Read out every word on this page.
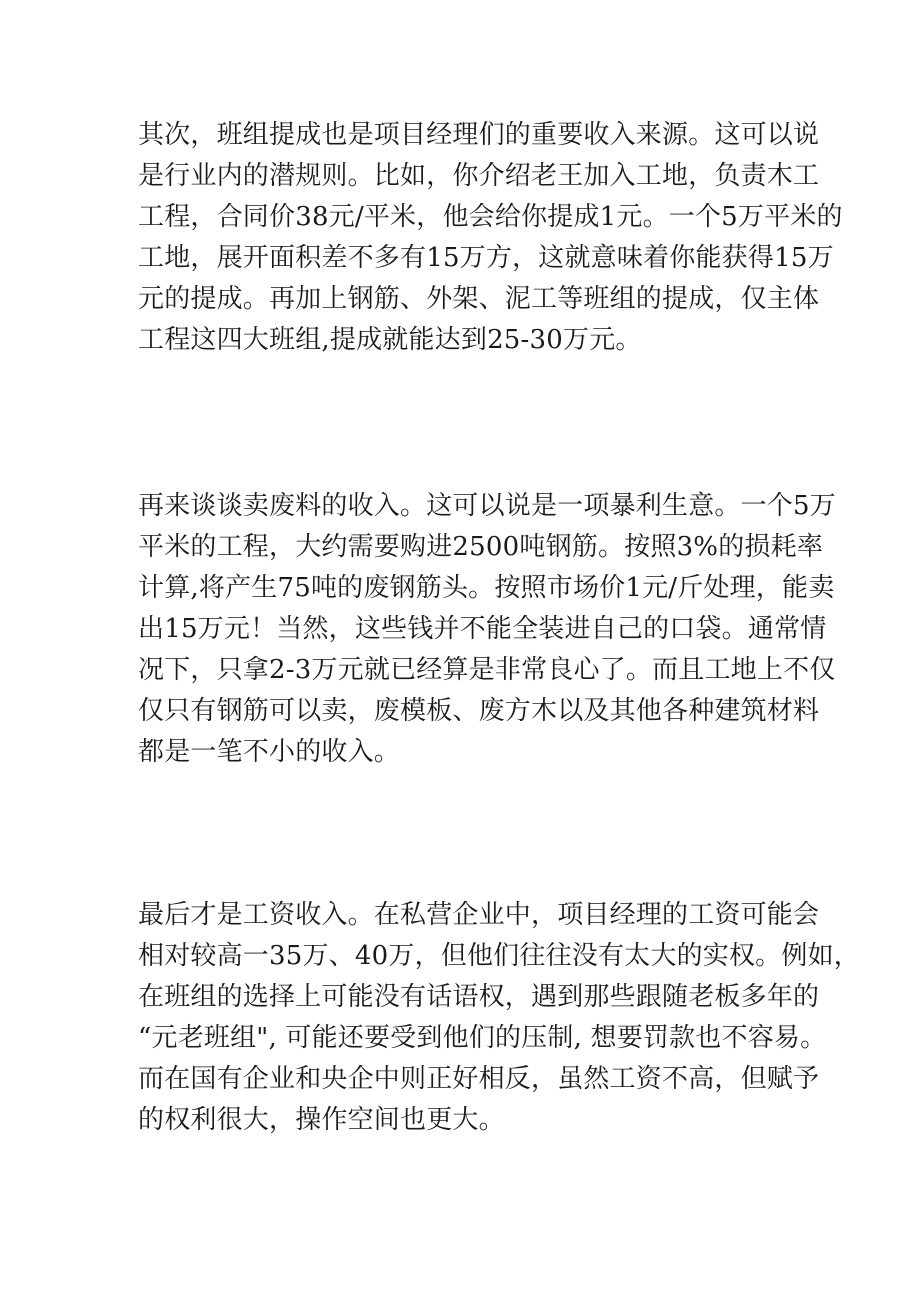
其次，班组提成也是项目经理们的重要收入来源。这可以说
是行业内的潜规则。比如，你介绍老王加入工地，负责木工
工程，合同价38元/平米，他会给你提成1元。一个5万平米的
工地，展开面积差不多有15万方，这就意味着你能获得15万
元的提成。再加上钢筋、外架、泥工等班组的提成，仅主体
工程这四大班组,提成就能达到25-30万元。
再来谈谈卖废料的收入。这可以说是一项暴利生意。一个5万
平米的工程，大约需要购进2500吨钢筋。按照3%的损耗率
计算,将产生75吨的废钢筋头。按照市场价1元/斤处理，能卖
出15万元！当然，这些钱并不能全装进自己的口袋。通常情
况下，只拿2-3万元就已经算是非常良心了。而且工地上不仅
仅只有钢筋可以卖，废模板、废方木以及其他各种建筑材料
都是一笔不小的收入。
最后才是工资收入。在私营企业中，项目经理的工资可能会
相对较高一35万、40万，但他们往往没有太大的实权。例如，
在班组的选择上可能没有话语权，遇到那些跟随老板多年的
“元老班组", 可能还要受到他们的压制, 想要罚款也不容易。
而在国有企业和央企中则正好相反，虽然工资不高，但赋予
的权利很大，操作空间也更大。
